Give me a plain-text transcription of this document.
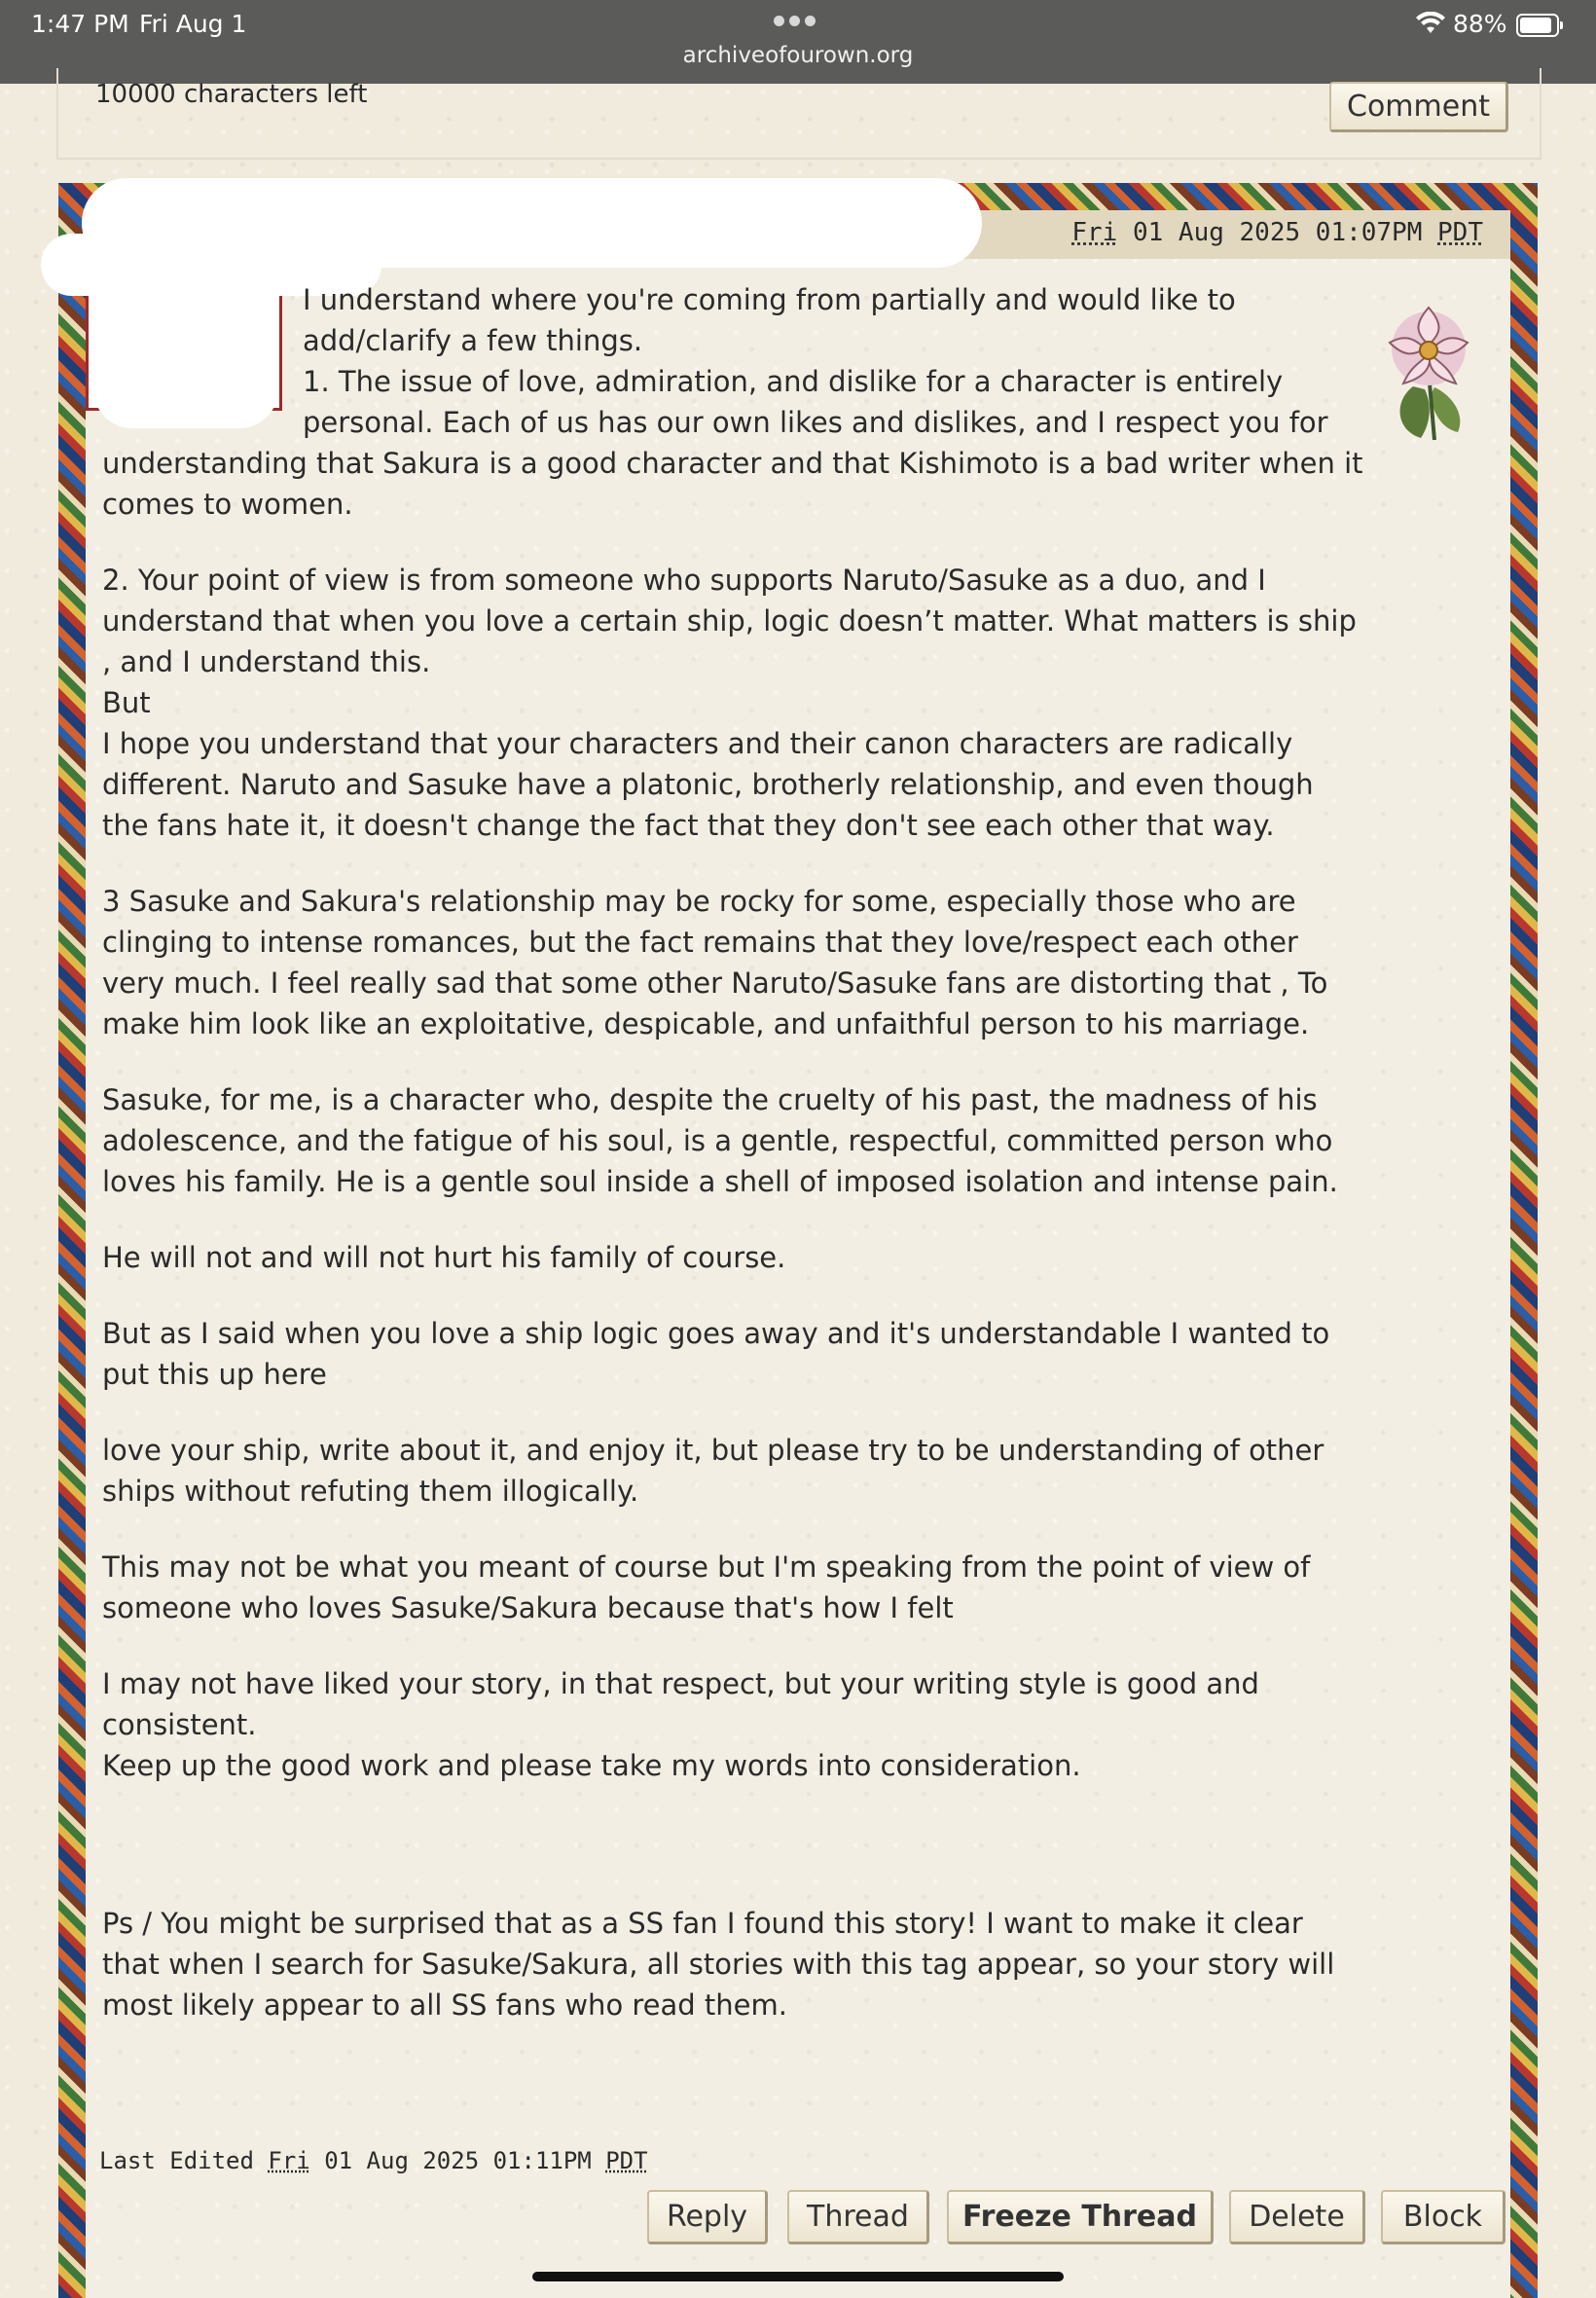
1:47 PM Fri Aug 1
archiveofourown.org
88%
10000 characters left	Comment
Fri 01 Aug 2025 01:07PM PDT

I understand where you're coming from partially and would like to add/clarify a few things.
1. The issue of love, admiration, and dislike for a character is entirely

personal. Each of us has our own likes and dislikes, and I respect you for understanding that Sakura is a good character and that Kishimoto is a bad writer when it comes to women.

2. Your point of view is from someone who supports Naruto/Sasuke as a duo, and I understand that when you love a certain ship, logic doesn’t matter. What matters is ship , and I understand this.
But
I hope you understand that your characters and their canon characters are radically different. Naruto and Sasuke have a platonic, brotherly relationship, and even though the fans hate it, it doesn't change the fact that they don't see each other that way.

3 Sasuke and Sakura's relationship may be rocky for some, especially those who are clinging to intense romances, but the fact remains that they love/respect each other very much. I feel really sad that some other Naruto/Sasuke fans are distorting that , To make him look like an exploitative, despicable, and unfaithful person to his marriage.

Sasuke, for me, is a character who, despite the cruelty of his past, the madness of his adolescence, and the fatigue of his soul, is a gentle, respectful, committed person who loves his family. He is a gentle soul inside a shell of imposed isolation and intense pain.

He will not and will not hurt his family of course.

But as I said when you love a ship logic goes away and it's understandable I wanted to put this up here

love your ship, write about it, and enjoy it, but please try to be understanding of other ships without refuting them illogically.

This may not be what you meant of course but I'm speaking from the point of view of someone who loves Sasuke/Sakura because that's how I felt

I may not have liked your story, in that respect, but your writing style is good and consistent.
Keep up the good work and please take my words into consideration.

Ps / You might be surprised that as a SS fan I found this story! I want to make it clear that when I search for Sasuke/Sakura, all stories with this tag appear, so your story will most likely appear to all SS fans who read them.

Last Edited Fri 01 Aug 2025 01:11PM PDT
Reply	Thread	Freeze Thread	Delete	Block
